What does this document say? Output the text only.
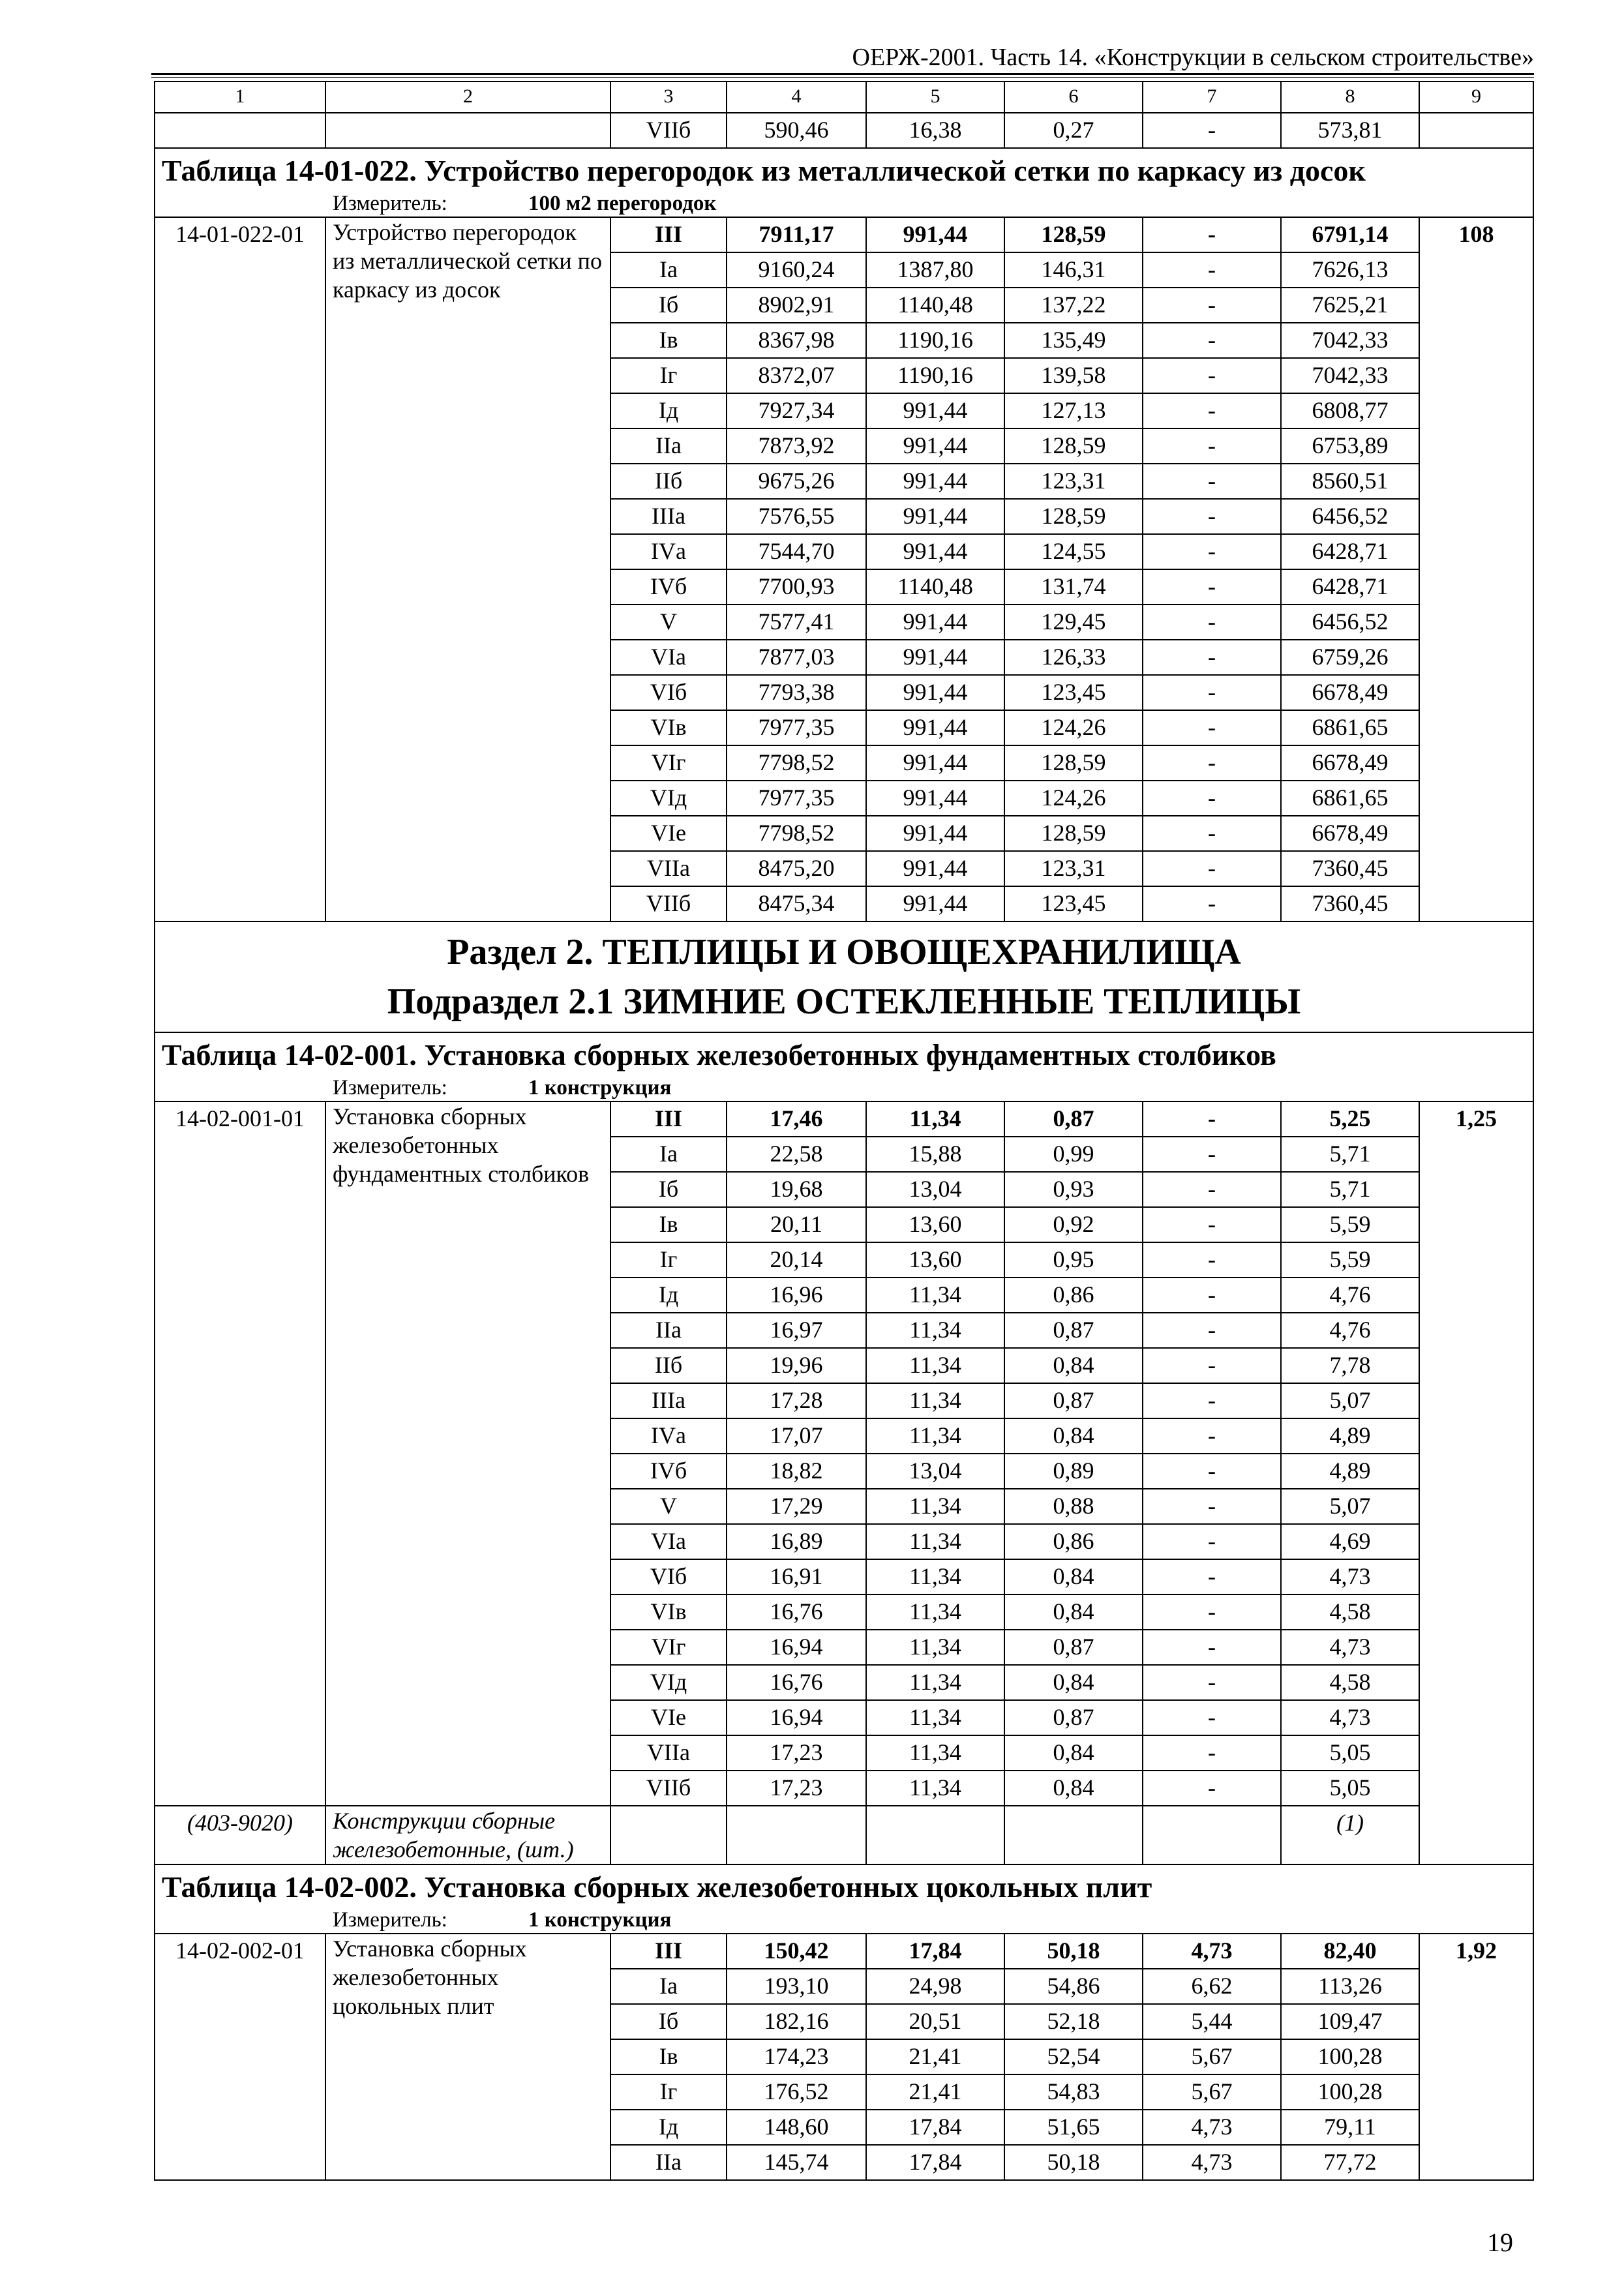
ОЕРЖ-2001. Часть 14. «Конструкции в сельском строительстве»
1	2	3	4	5	6	7	8	9
		VIIб	590,46	16,38	0,27	-	573,81	

Таблица 14-01-022. Устройство перегородок из металлической сетки по каркасу из досок
Измеритель: 100 м2 перегородок								

14-01-022-01	Устройство перегородок из металлической сетки по каркасу из досок	III	7911,17	991,44	128,59	-	6791,14	108
		Iа	9160,24	1387,80	146,31	-	7626,13	
		Iб	8902,91	1140,48	137,22	-	7625,21	
		Iв	8367,98	1190,16	135,49	-	7042,33	
		Iг	8372,07	1190,16	139,58	-	7042,33	
		Iд	7927,34	991,44	127,13	-	6808,77	
		IIа	7873,92	991,44	128,59	-	6753,89	
		IIб	9675,26	991,44	123,31	-	8560,51	
		IIIа	7576,55	991,44	128,59	-	6456,52	
		IVа	7544,70	991,44	124,55	-	6428,71	
		IVб	7700,93	1140,48	131,74	-	6428,71	
		V	7577,41	991,44	129,45	-	6456,52	
		VIа	7877,03	991,44	126,33	-	6759,26	
		VIб	7793,38	991,44	123,45	-	6678,49	
		VIв	7977,35	991,44	124,26	-	6861,65	
		VIг	7798,52	991,44	128,59	-	6678,49	
		VIд	7977,35	991,44	124,26	-	6861,65	
		VIе	7798,52	991,44	128,59	-	6678,49	
		VIIа	8475,20	991,44	123,31	-	7360,45	
		VIIб	8475,34	991,44	123,45	-	7360,45	

Раздел 2. ТЕПЛИЦЫ И ОВОЩЕХРАНИЛИЩА
Подраздел 2.1 ЗИМНИЕ ОСТЕКЛЕННЫЕ ТЕПЛИЦЫ								

Таблица 14-02-001. Установка сборных железобетонных фундаментных столбиков
Измеритель: 1 конструкция								

14-02-001-01	Установка сборных железобетонных фундаментных столбиков	III	17,46	11,34	0,87	-	5,25	1,25
		Iа	22,58	15,88	0,99	-	5,71	
		Iб	19,68	13,04	0,93	-	5,71	
		Iв	20,11	13,60	0,92	-	5,59	
		Iг	20,14	13,60	0,95	-	5,59	
		Iд	16,96	11,34	0,86	-	4,76	
		IIа	16,97	11,34	0,87	-	4,76	
		IIб	19,96	11,34	0,84	-	7,78	
		IIIа	17,28	11,34	0,87	-	5,07	
		IVа	17,07	11,34	0,84	-	4,89	
		IVб	18,82	13,04	0,89	-	4,89	
		V	17,29	11,34	0,88	-	5,07	
		VIа	16,89	11,34	0,86	-	4,69	
		VIб	16,91	11,34	0,84	-	4,73	
		VIв	16,76	11,34	0,84	-	4,58	
		VIг	16,94	11,34	0,87	-	4,73	
		VIд	16,76	11,34	0,84	-	4,58	
		VIе	16,94	11,34	0,87	-	4,73	
		VIIа	17,23	11,34	0,84	-	5,05	
		VIIб	17,23	11,34	0,84	-	5,05	
(403-9020)	Конструкции сборные железобетонные, (шт.)						(1)	

Таблица 14-02-002. Установка сборных железобетонных цокольных плит
Измеритель: 1 конструкция								

14-02-002-01	Установка сборных железобетонных цокольных плит	III	150,42	17,84	50,18	4,73	82,40	1,92
		Iа	193,10	24,98	54,86	6,62	113,26	
		Iб	182,16	20,51	52,18	5,44	109,47	
		Iв	174,23	21,41	52,54	5,67	100,28	
		Iг	176,52	21,41	54,83	5,67	100,28	
		Iд	148,60	17,84	51,65	4,73	79,11	
		IIа	145,74	17,84	50,18	4,73	77,72	
19
